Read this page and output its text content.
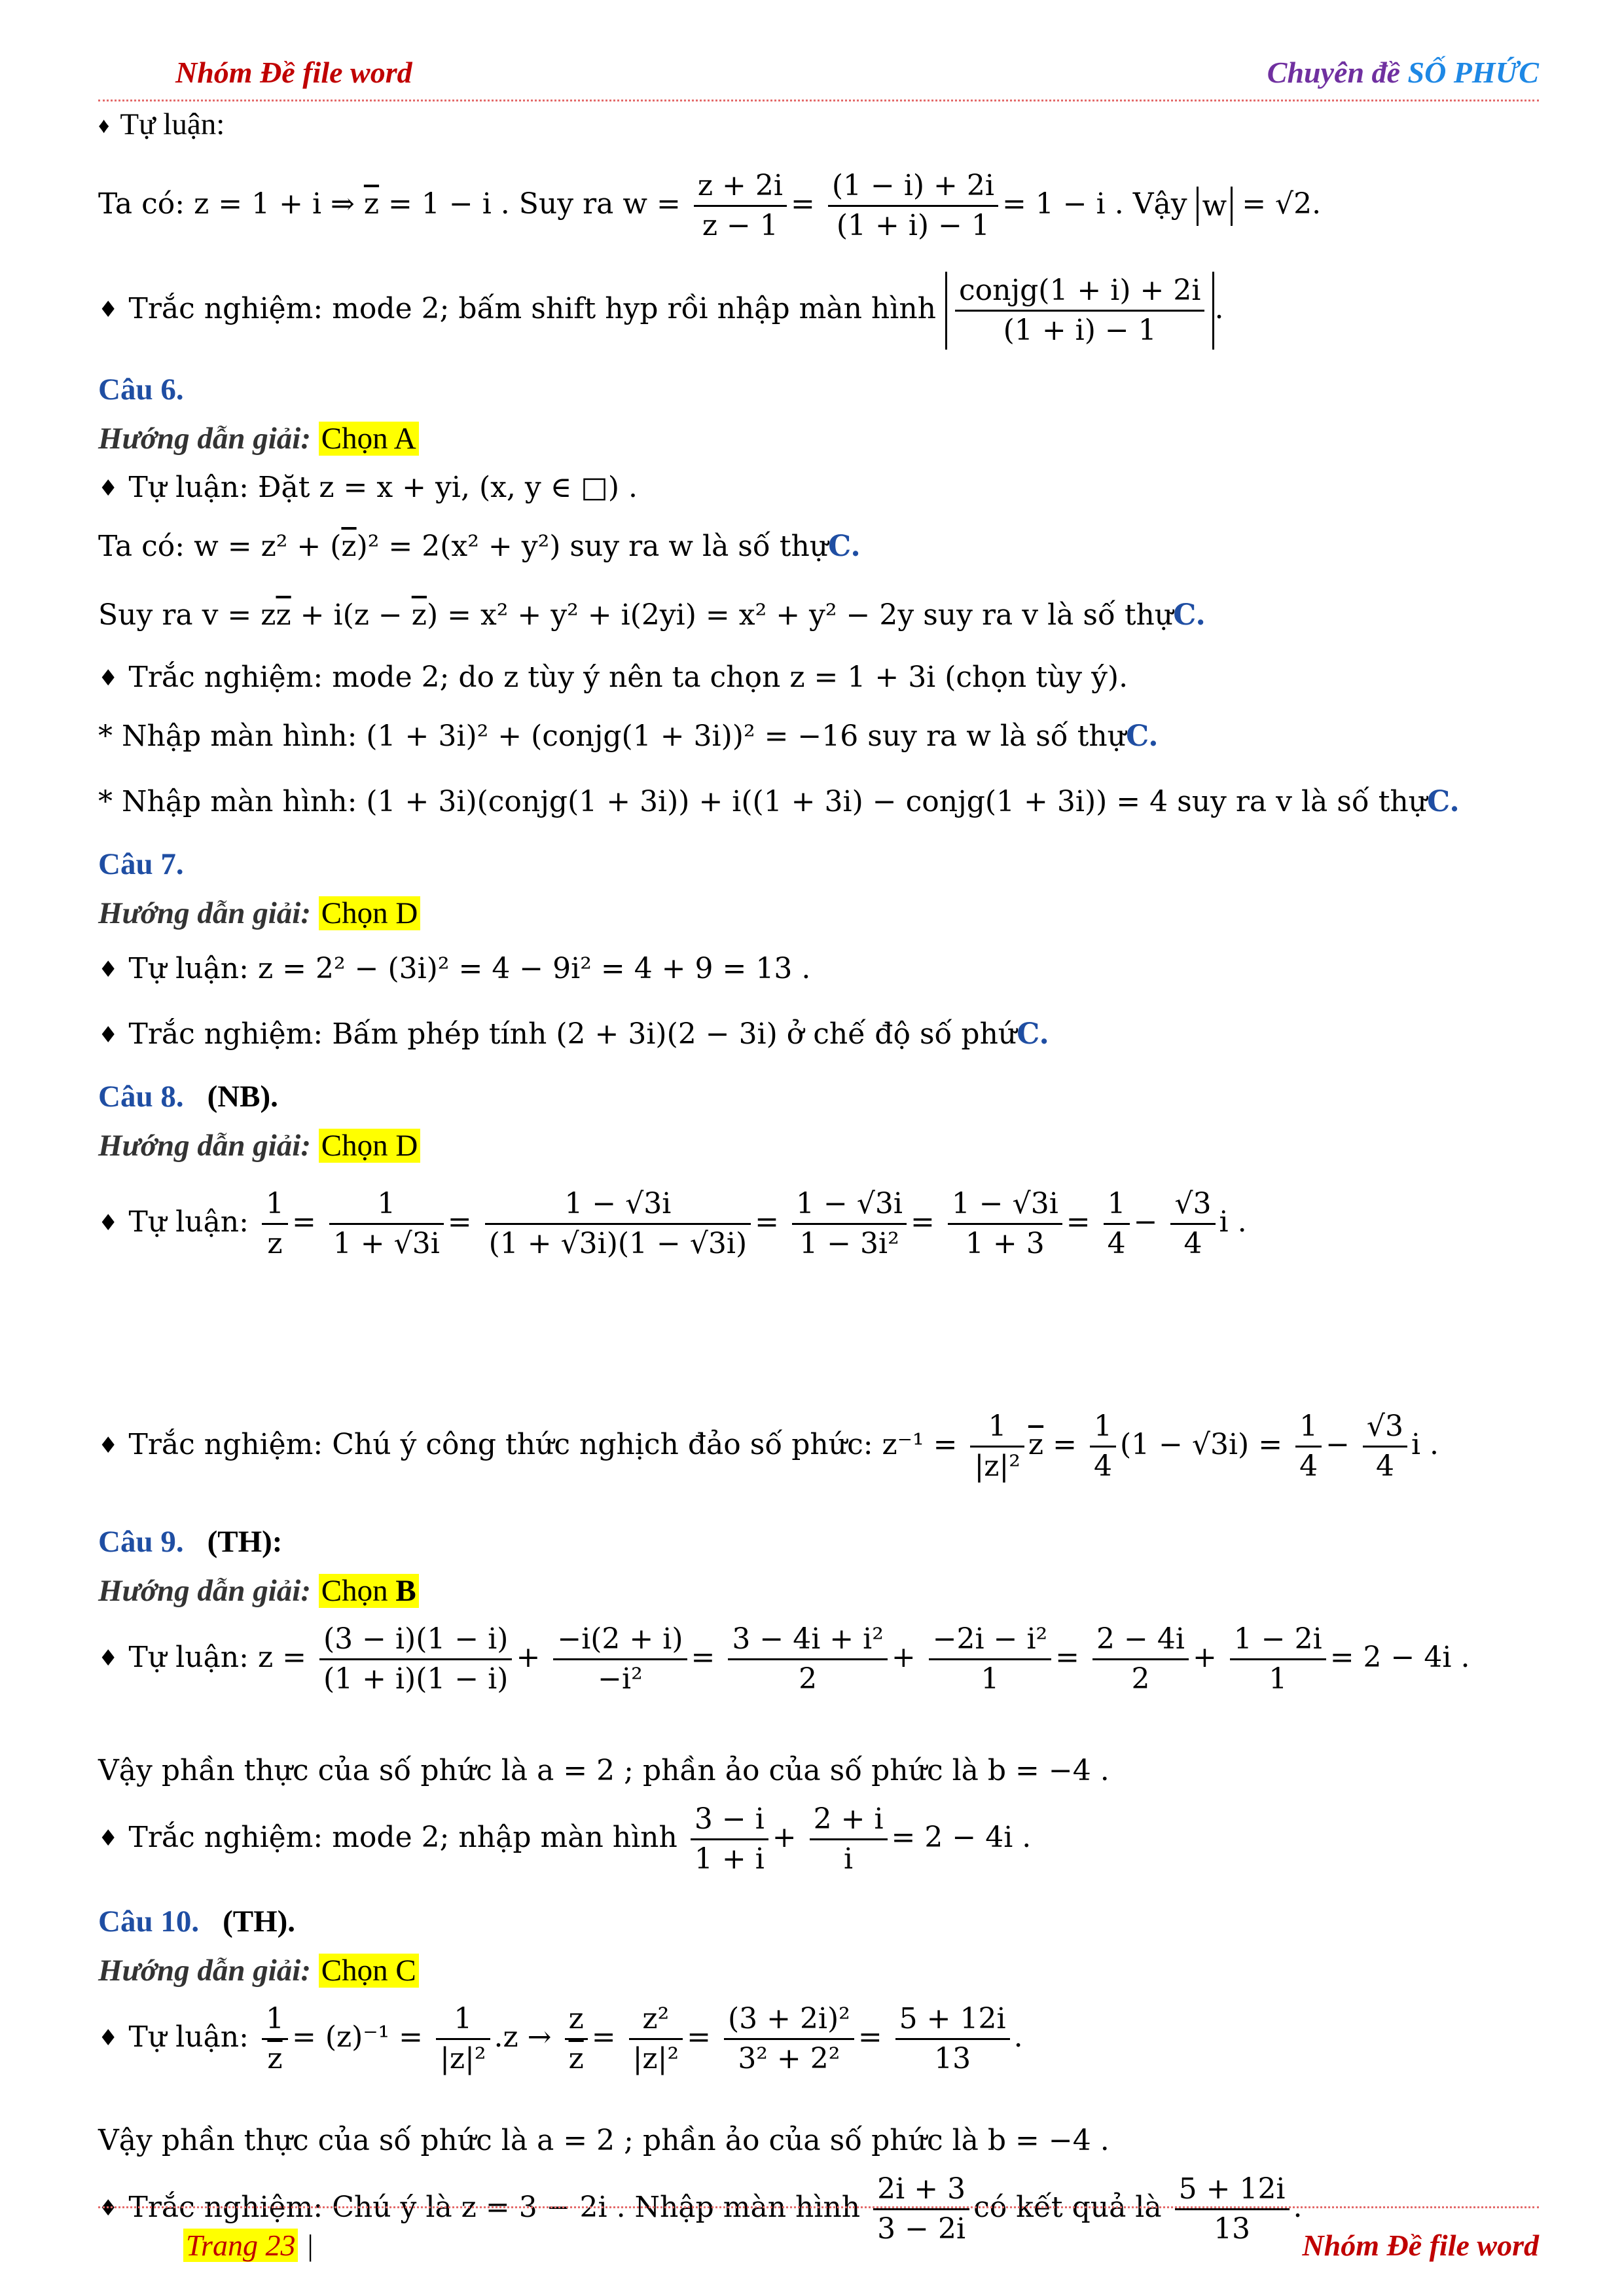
Nhóm Đề file word	Chuyên đề SỐ PHỨC
♦ Tự luận:
Ta có: z = 1 + i ⇒ $\overline{z} = 1 - i$ . Suy ra $w = \frac{z + 2i}{z - 1} = \frac{(1 - i) + 2i}{(1 + i) - 1} = 1 - i$ . Vậy w = √2.
♦ Trắc nghiệm: mode 2; bấm shift hyp rồi nhập màn hình $\frac{\text{conjg(1 + i) + 2i}}{(1 + i) - 1}$ .
Câu 6.
Hướng dẫn giải: Chọn A
♦ Tự luận: Đặt z = x + yi, (x, y ∈ □) .
Ta có: $w = z^2 + (\overline{z})^2 = 2(x^2 + y^2)$ suy ra w là số thựC.
Suy ra $v = z\overline{z} + i(z - \overline{z}) = x^2 + y^2 + i(2yi) = x^2 + y^2 - 2y$ suy ra v là số thựC.
♦ Trắc nghiệm: mode 2; do z tùy ý nên ta chọn z = 1 + 3i (chọn tùy ý).
* Nhập màn hình: (1 + 3i)² + (conjg(1 + 3i))² = −16 suy ra w là số thựC.
* Nhập màn hình: (1 + 3i)(conjg(1 + 3i)) + i((1 + 3i) − conjg(1 + 3i)) = 4 suy ra v là số thựC.
Câu 7.
Hướng dẫn giải: Chọn D
♦ Tự luận: z = 2² − (3i)² = 4 − 9i² = 4 + 9 = 13 .
♦ Trắc nghiệm: Bấm phép tính (2 + 3i)(2 − 3i) ở chế độ số phứC.
Câu 8. (NB).
Hướng dẫn giải: Chọn D
♦ Tự luận: $\frac{1}{z} = \frac{1}{1 + √3i} = \frac{1 - √3i}{(1 + √3i)(1 - √3i)} = \frac{1 - √3i}{\text{1 − 3i²}} = \frac{1 - √3i}{1 + 3} = \frac{1}{4} - \frac{√3}{4}$ i .
♦ Trắc nghiệm: Chú ý công thức nghịch đảo số phức: $z^{-1} = \frac{1}{\text{|z|²}} \overline{z} = \frac{1}{4} (1 - √3i) = \frac{1}{4} - \frac{√3}{4}$ i .
Câu 9. (TH):
Hướng dẫn giải: Chọn B
♦ Tự luận: $z = \frac{(3 - i)(1 - i)}{(1 + i)(1 - i)} + \frac{-i(2 + i)}{\text{−i²}} = \frac{\text{3 − 4i + i²}}{2} + \frac{\text{−2i − i²}}{1} = \frac{2 - 4i}{2} + \frac{1 - 2i}{1} = 2 - 4i$ .
Vậy phần thực của số phức là a = 2 ; phần ảo của số phức là b = −4 .
♦ Trắc nghiệm: mode 2; nhập màn hình $\frac{3 - i}{1 + i} + \frac{2 + i}{i} = 2 - 4i$ .
Câu 10. (TH).
Hướng dẫn giải: Chọn C
♦ Tự luận: $\frac{1}{z} = (z)^{-1} = \frac{1}{\text{|z|²}} .z \to \frac{z}{z} = \frac{\text{z²}}{\text{|z|²}} = \frac{\text{(3 + 2i)²}}{\text{3² + 2²}} = \frac{5 + 12i}{13}$ .
Vậy phần thực của số phức là a = 2 ; phần ảo của số phức là b = −4 .
♦ Trắc nghiệm: Chú ý là z = 3 − 2i . Nhập màn hình $\frac{2i + 3}{3 - 2i}$ có kết quả là $\frac{5 + 12i}{13}$ .
Trang 23 |	Nhóm Đề file word
